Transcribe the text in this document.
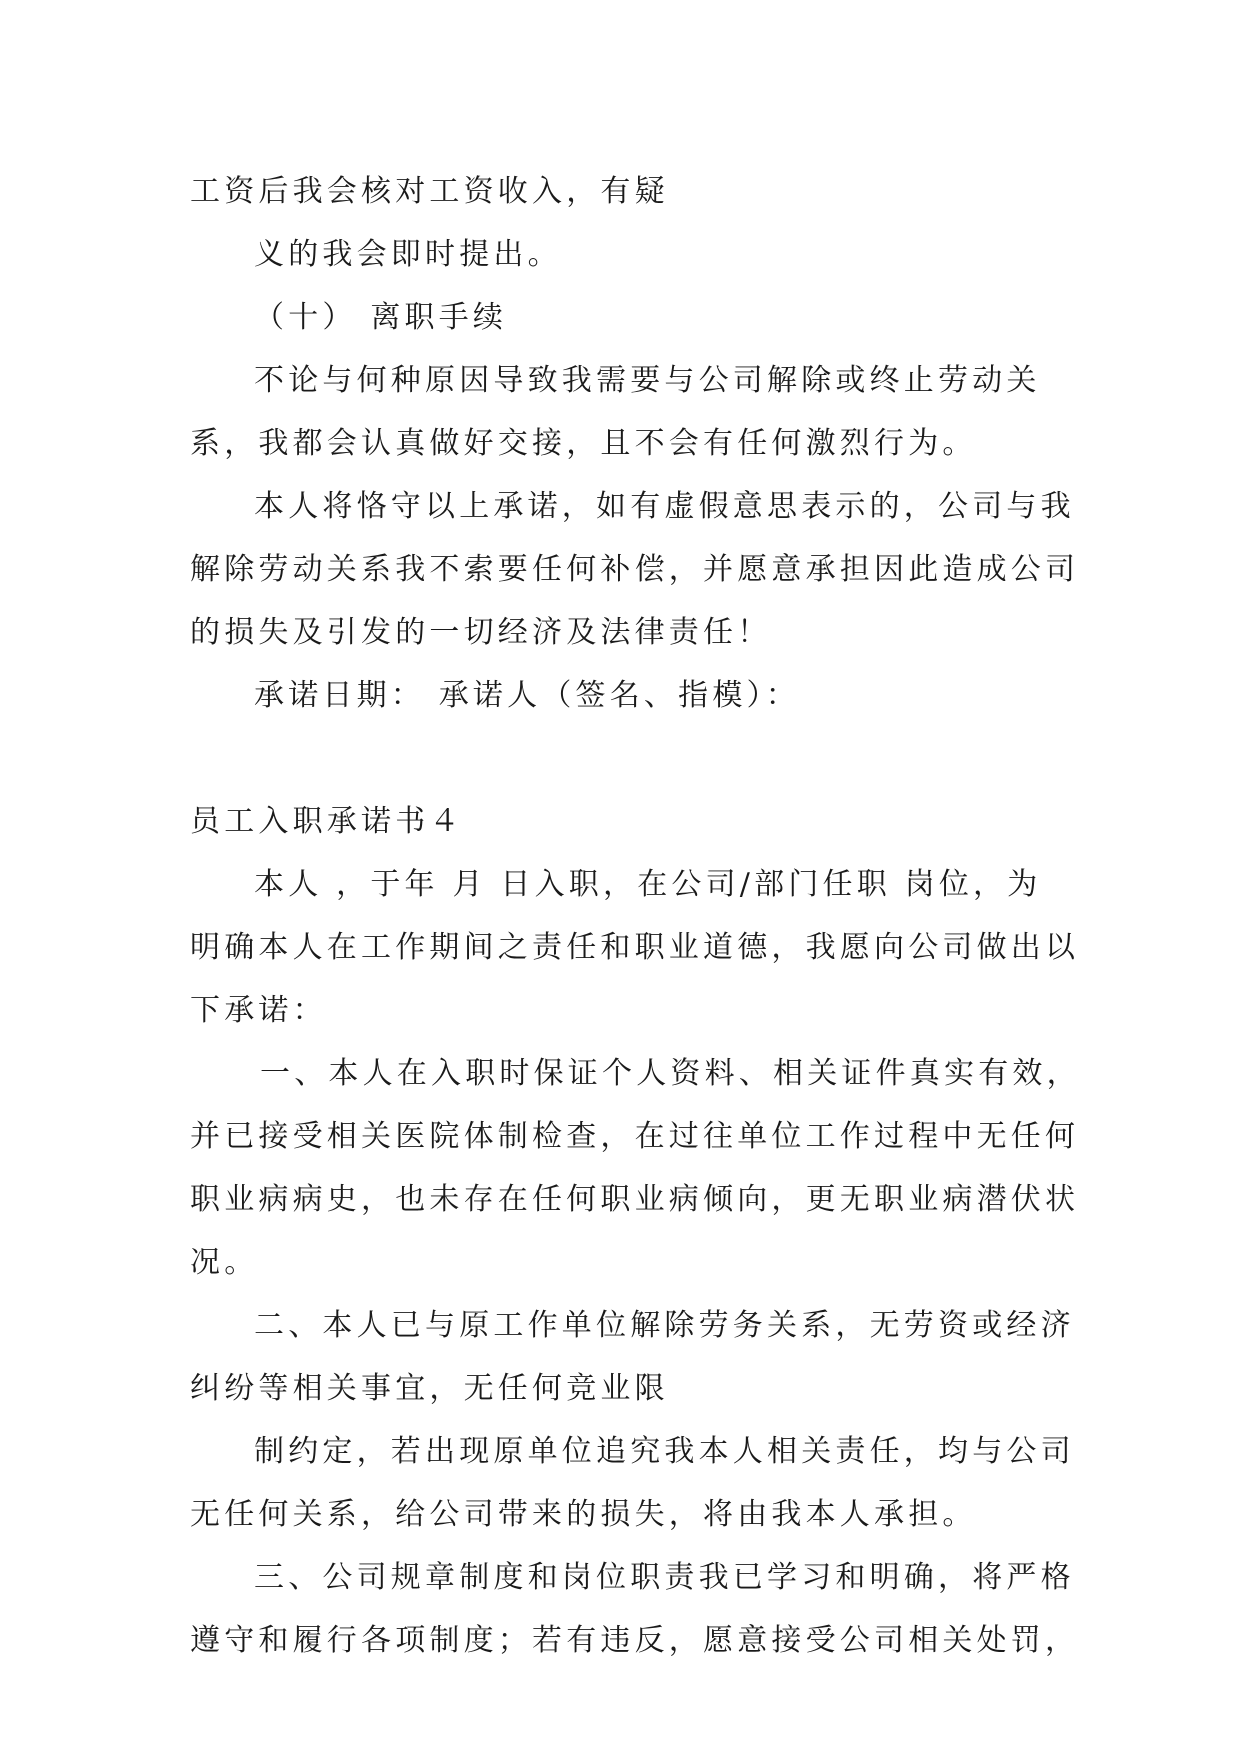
工资后我会核对工资收入，有疑
义的我会即时提出。
（十） 离职手续
不论与何种原因导致我需要与公司解除或终止劳动关
系，我都会认真做好交接，且不会有任何激烈行为。
本人将恪守以上承诺，如有虚假意思表示的，公司与我
解除劳动关系我不索要任何补偿，并愿意承担因此造成公司
的损失及引发的一切经济及法律责任！
承诺日期： 承诺人（签名、指模）：
员工入职承诺书４
本人 ，于年 月 日入职，在公司/部门任职 岗位，为
明确本人在工作期间之责任和职业道德，我愿向公司做出以
下承诺：
一、本人在入职时保证个人资料、相关证件真实有效，
并已接受相关医院体制检查，在过往单位工作过程中无任何
职业病病史，也未存在任何职业病倾向，更无职业病潜伏状
况。
二、本人已与原工作单位解除劳务关系，无劳资或经济
纠纷等相关事宜，无任何竞业限
制约定，若出现原单位追究我本人相关责任，均与公司
无任何关系，给公司带来的损失，将由我本人承担。
三、公司规章制度和岗位职责我已学习和明确，将严格
遵守和履行各项制度；若有违反，愿意接受公司相关处罚，
